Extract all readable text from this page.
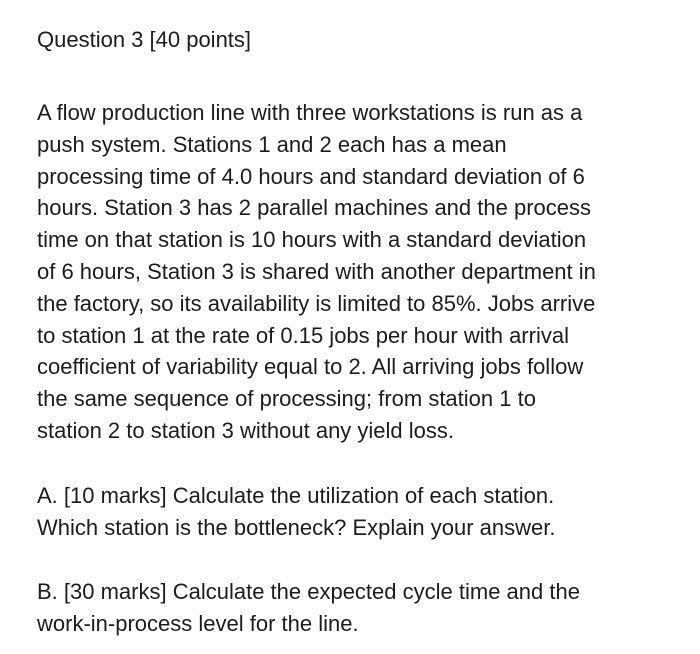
Question 3 [40 points]

A flow production line with three workstations is run as a
push system. Stations 1 and 2 each has a mean
processing time of 4.0 hours and standard deviation of 6
hours. Station 3 has 2 parallel machines and the process
time on that station is 10 hours with a standard deviation
of 6 hours, Station 3 is shared with another department in
the factory, so its availability is limited to 85%. Jobs arrive
to station 1 at the rate of 0.15 jobs per hour with arrival
coefficient of variability equal to 2. All arriving jobs follow
the same sequence of processing; from station 1 to
station 2 to station 3 without any yield loss.

A. [10 marks] Calculate the utilization of each station.
Which station is the bottleneck? Explain your answer.

B. [30 marks] Calculate the expected cycle time and the
work-in-process level for the line.
